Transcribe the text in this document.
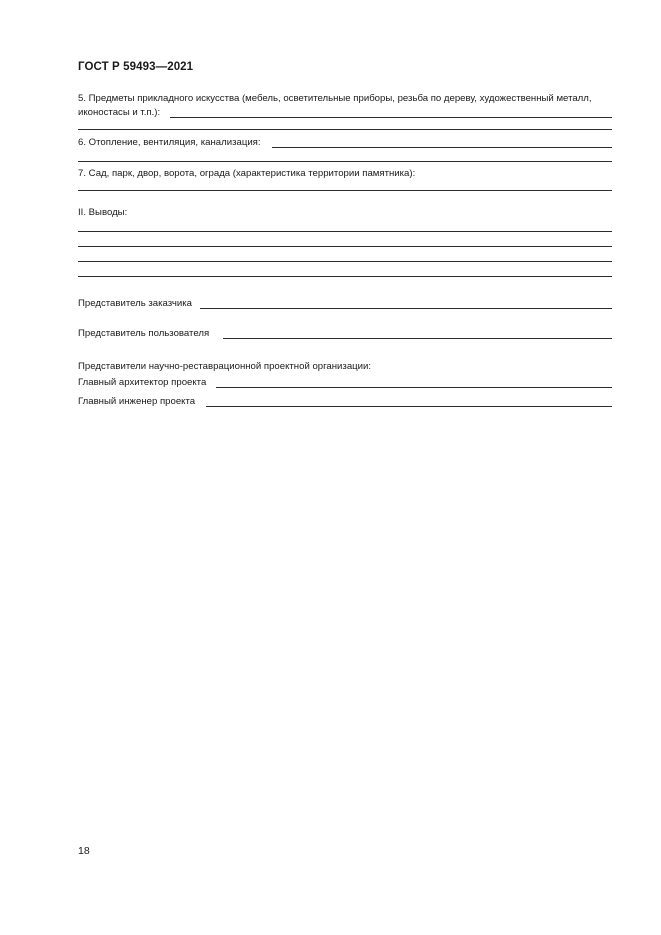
ГОСТ Р 59493—2021
5. Предметы прикладного искусства (мебель, осветительные приборы, резьба по дереву, художественный металл,
иконостасы и т.п.):
6. Отопление, вентиляция, канализация:
7. Сад, парк, двор, ворота, ограда (характеристика территории памятника):
II. Выводы:
Представитель заказчика
Представитель пользователя
Представители научно-реставрационной проектной организации:
Главный архитектор проекта
Главный инженер проекта
18
